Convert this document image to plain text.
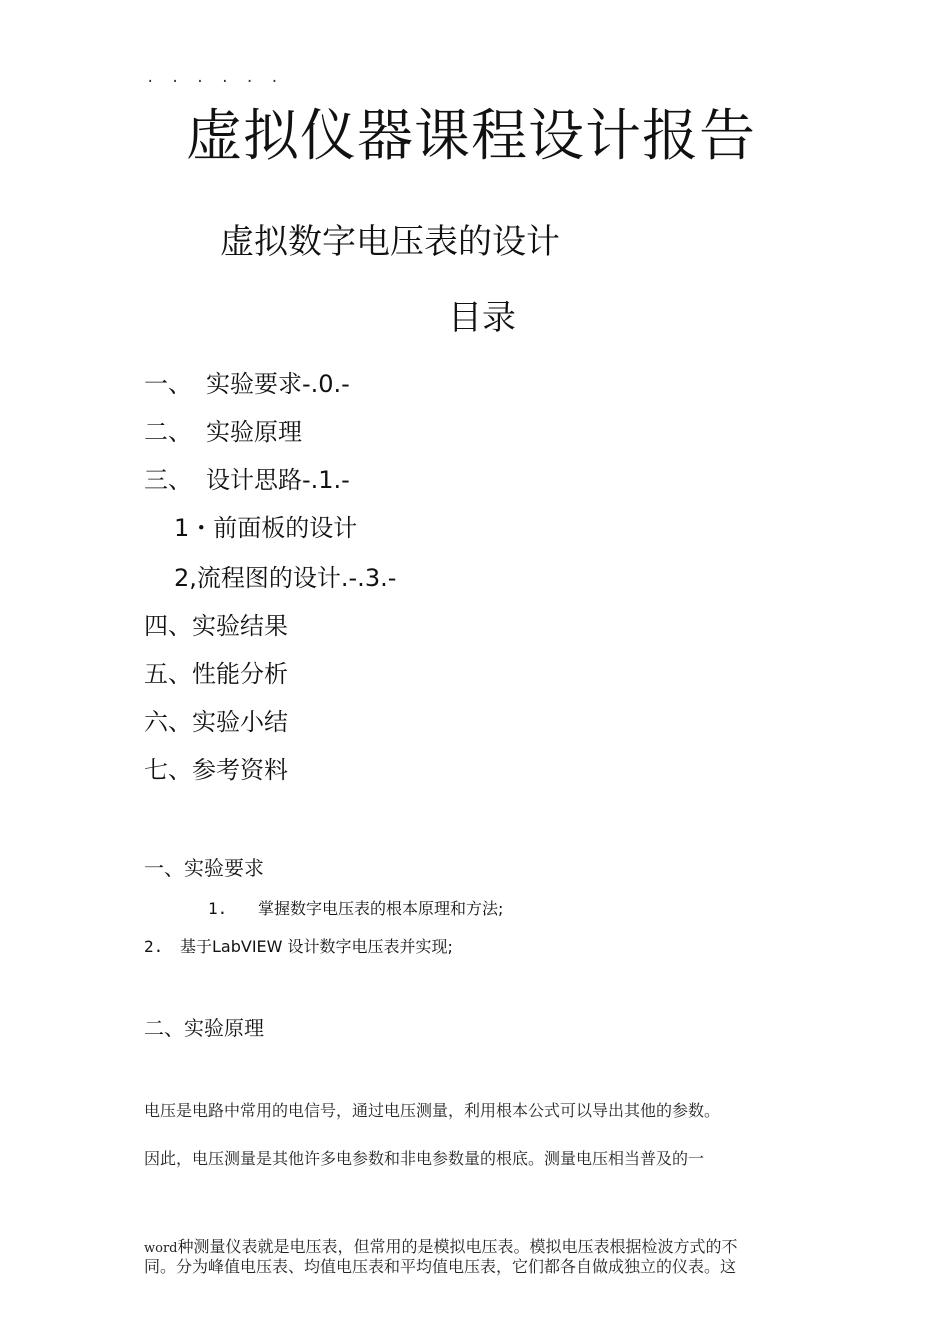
. . . . . .
虚拟仪器课程设计报告
虚拟数字电压表的设计
目录
一、 实验要求-.0.-
二、 实验原理
三、 设计思路-.1.-
1・前面板的设计
2,流程图的设计.-.3.-
四、实验结果
五、性能分析
六、实验小结
七、参考资料
一、实验要求
1. 掌握数字电压表的根本原理和方法;
2. 基于LabVIEW 设计数字电压表并实现;
二、实验原理
电压是电路中常用的电信号，通过电压测量，利用根本公式可以导出其他的参数。
因此，电压测量是其他许多电参数和非电参数量的根底。测量电压相当普及的一
word种测量仪表就是电压表，但常用的是模拟电压表。模拟电压表根据检波方式的不
同。分为峰值电压表、均值电压表和平均值电压表，它们都各自做成独立的仪表。这
